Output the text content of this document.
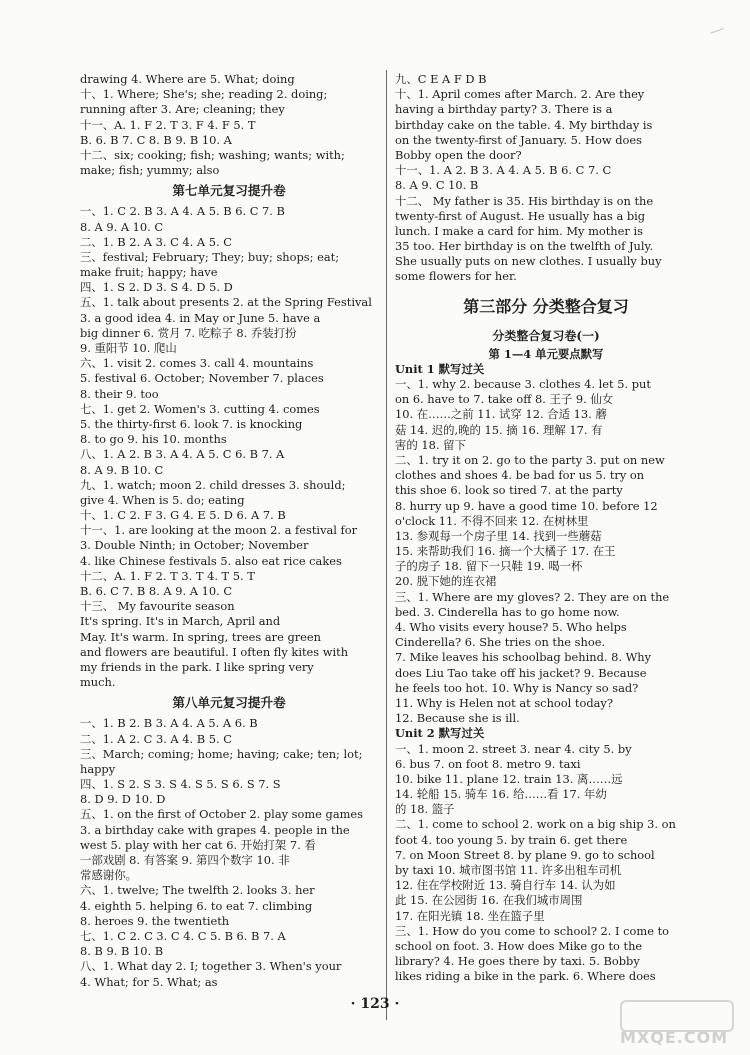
drawing 4. Where are 5. What; doing
十、1. Where; She's; she; reading 2. doing;
running after 3. Are; cleaning; they
十一、A. 1. F 2. T 3. F 4. F 5. T
B. 6. B 7. C 8. B 9. B 10. A
十二、six; cooking; fish; washing; wants; with;
make; fish; yummy; also
第七单元复习提升卷
一、1. C 2. B 3. A 4. A 5. B 6. C 7. B
8. A 9. A 10. C
二、1. B 2. A 3. C 4. A 5. C
三、festival; February; They; buy; shops; eat;
make fruit; happy; have
四、1. S 2. D 3. S 4. D 5. D
五、1. talk about presents 2. at the Spring Festival
3. a good idea 4. in May or June 5. have a
big dinner 6. 赏月 7. 吃粽子 8. 乔装打扮
9. 重阳节 10. 爬山
六、1. visit 2. comes 3. call 4. mountains
5. festival 6. October; November 7. places
8. their 9. too
七、1. get 2. Women's 3. cutting 4. comes
5. the thirty-first 6. look 7. is knocking
8. to go 9. his 10. months
八、1. A 2. B 3. A 4. A 5. C 6. B 7. A
8. A 9. B 10. C
九、1. watch; moon 2. child dresses 3. should;
give 4. When is 5. do; eating
十、1. C 2. F 3. G 4. E 5. D 6. A 7. B
十一、1. are looking at the moon 2. a festival for
3. Double Ninth; in October; November
4. like Chinese festivals 5. also eat rice cakes
十二、A. 1. F 2. T 3. T 4. T 5. T
B. 6. C 7. B 8. A 9. A 10. C
十三、 My favourite season
It's spring. It's in March, April and
May. It's warm. In spring, trees are green
and flowers are beautiful. I often fly kites with
my friends in the park. I like spring very
much.
第八单元复习提升卷
一、1. B 2. B 3. A 4. A 5. A 6. B
二、1. A 2. C 3. A 4. B 5. C
三、March; coming; home; having; cake; ten; lot;
happy
四、1. S 2. S 3. S 4. S 5. S 6. S 7. S
8. D 9. D 10. D
五、1. on the first of October 2. play some games
3. a birthday cake with grapes 4. people in the
west 5. play with her cat 6. 开始打架 7. 看
一部戏剧 8. 有答案 9. 第四个数字 10. 非
常感谢你。
六、1. twelve; The twelfth 2. looks 3. her
4. eighth 5. helping 6. to eat 7. climbing
8. heroes 9. the twentieth
七、1. C 2. C 3. C 4. C 5. B 6. B 7. A
8. B 9. B 10. B
八、1. What day 2. I; together 3. When's your
4. What; for 5. What; as
九、C E A F D B
十、1. April comes after March. 2. Are they
having a birthday party? 3. There is a
birthday cake on the table. 4. My birthday is
on the twenty-first of January. 5. How does
Bobby open the door?
十一、1. A 2. B 3. A 4. A 5. B 6. C 7. C
8. A 9. C 10. B
十二、 My father is 35. His birthday is on the
twenty-first of August. He usually has a big
lunch. I make a card for him. My mother is
35 too. Her birthday is on the twelfth of July.
She usually puts on new clothes. I usually buy
some flowers for her.
第三部分 分类整合复习
分类整合复习卷(一)
第 1—4 单元要点默写
Unit 1 默写过关
一、1. why 2. because 3. clothes 4. let 5. put
on 6. have to 7. take off 8. 王子 9. 仙女
10. 在……之前 11. 试穿 12. 合适 13. 蘑
菇 14. 迟的,晚的 15. 摘 16. 理解 17. 有
害的 18. 留下
二、1. try it on 2. go to the party 3. put on new
clothes and shoes 4. be bad for us 5. try on
this shoe 6. look so tired 7. at the party
8. hurry up 9. have a good time 10. before 12
o'clock 11. 不得不回来 12. 在树林里
13. 参观每一个房子里 14. 找到一些蘑菇
15. 来帮助我们 16. 摘一个大橘子 17. 在王
子的房子 18. 留下一只鞋 19. 喝一杯
20. 脱下她的连衣裙
三、1. Where are my gloves? 2. They are on the
bed. 3. Cinderella has to go home now.
4. Who visits every house? 5. Who helps
Cinderella? 6. She tries on the shoe.
7. Mike leaves his schoolbag behind. 8. Why
does Liu Tao take off his jacket? 9. Because
he feels too hot. 10. Why is Nancy so sad?
11. Why is Helen not at school today?
12. Because she is ill.
Unit 2 默写过关
一、1. moon 2. street 3. near 4. city 5. by
6. bus 7. on foot 8. metro 9. taxi
10. bike 11. plane 12. train 13. 离……远
14. 轮船 15. 骑车 16. 给……看 17. 年幼
的 18. 篮子
二、1. come to school 2. work on a big ship 3. on
foot 4. too young 5. by train 6. get there
7. on Moon Street 8. by plane 9. go to school
by taxi 10. 城市图书馆 11. 许多出租车司机
12. 住在学校附近 13. 骑自行车 14. 认为如
此 15. 在公园街 16. 在我们城市周围
17. 在阳光镇 18. 坐在篮子里
三、1. How do you come to school? 2. I come to
school on foot. 3. How does Mike go to the
library? 4. He goes there by taxi. 5. Bobby
likes riding a bike in the park. 6. Where does
· 123 ·
MXQE.COM
